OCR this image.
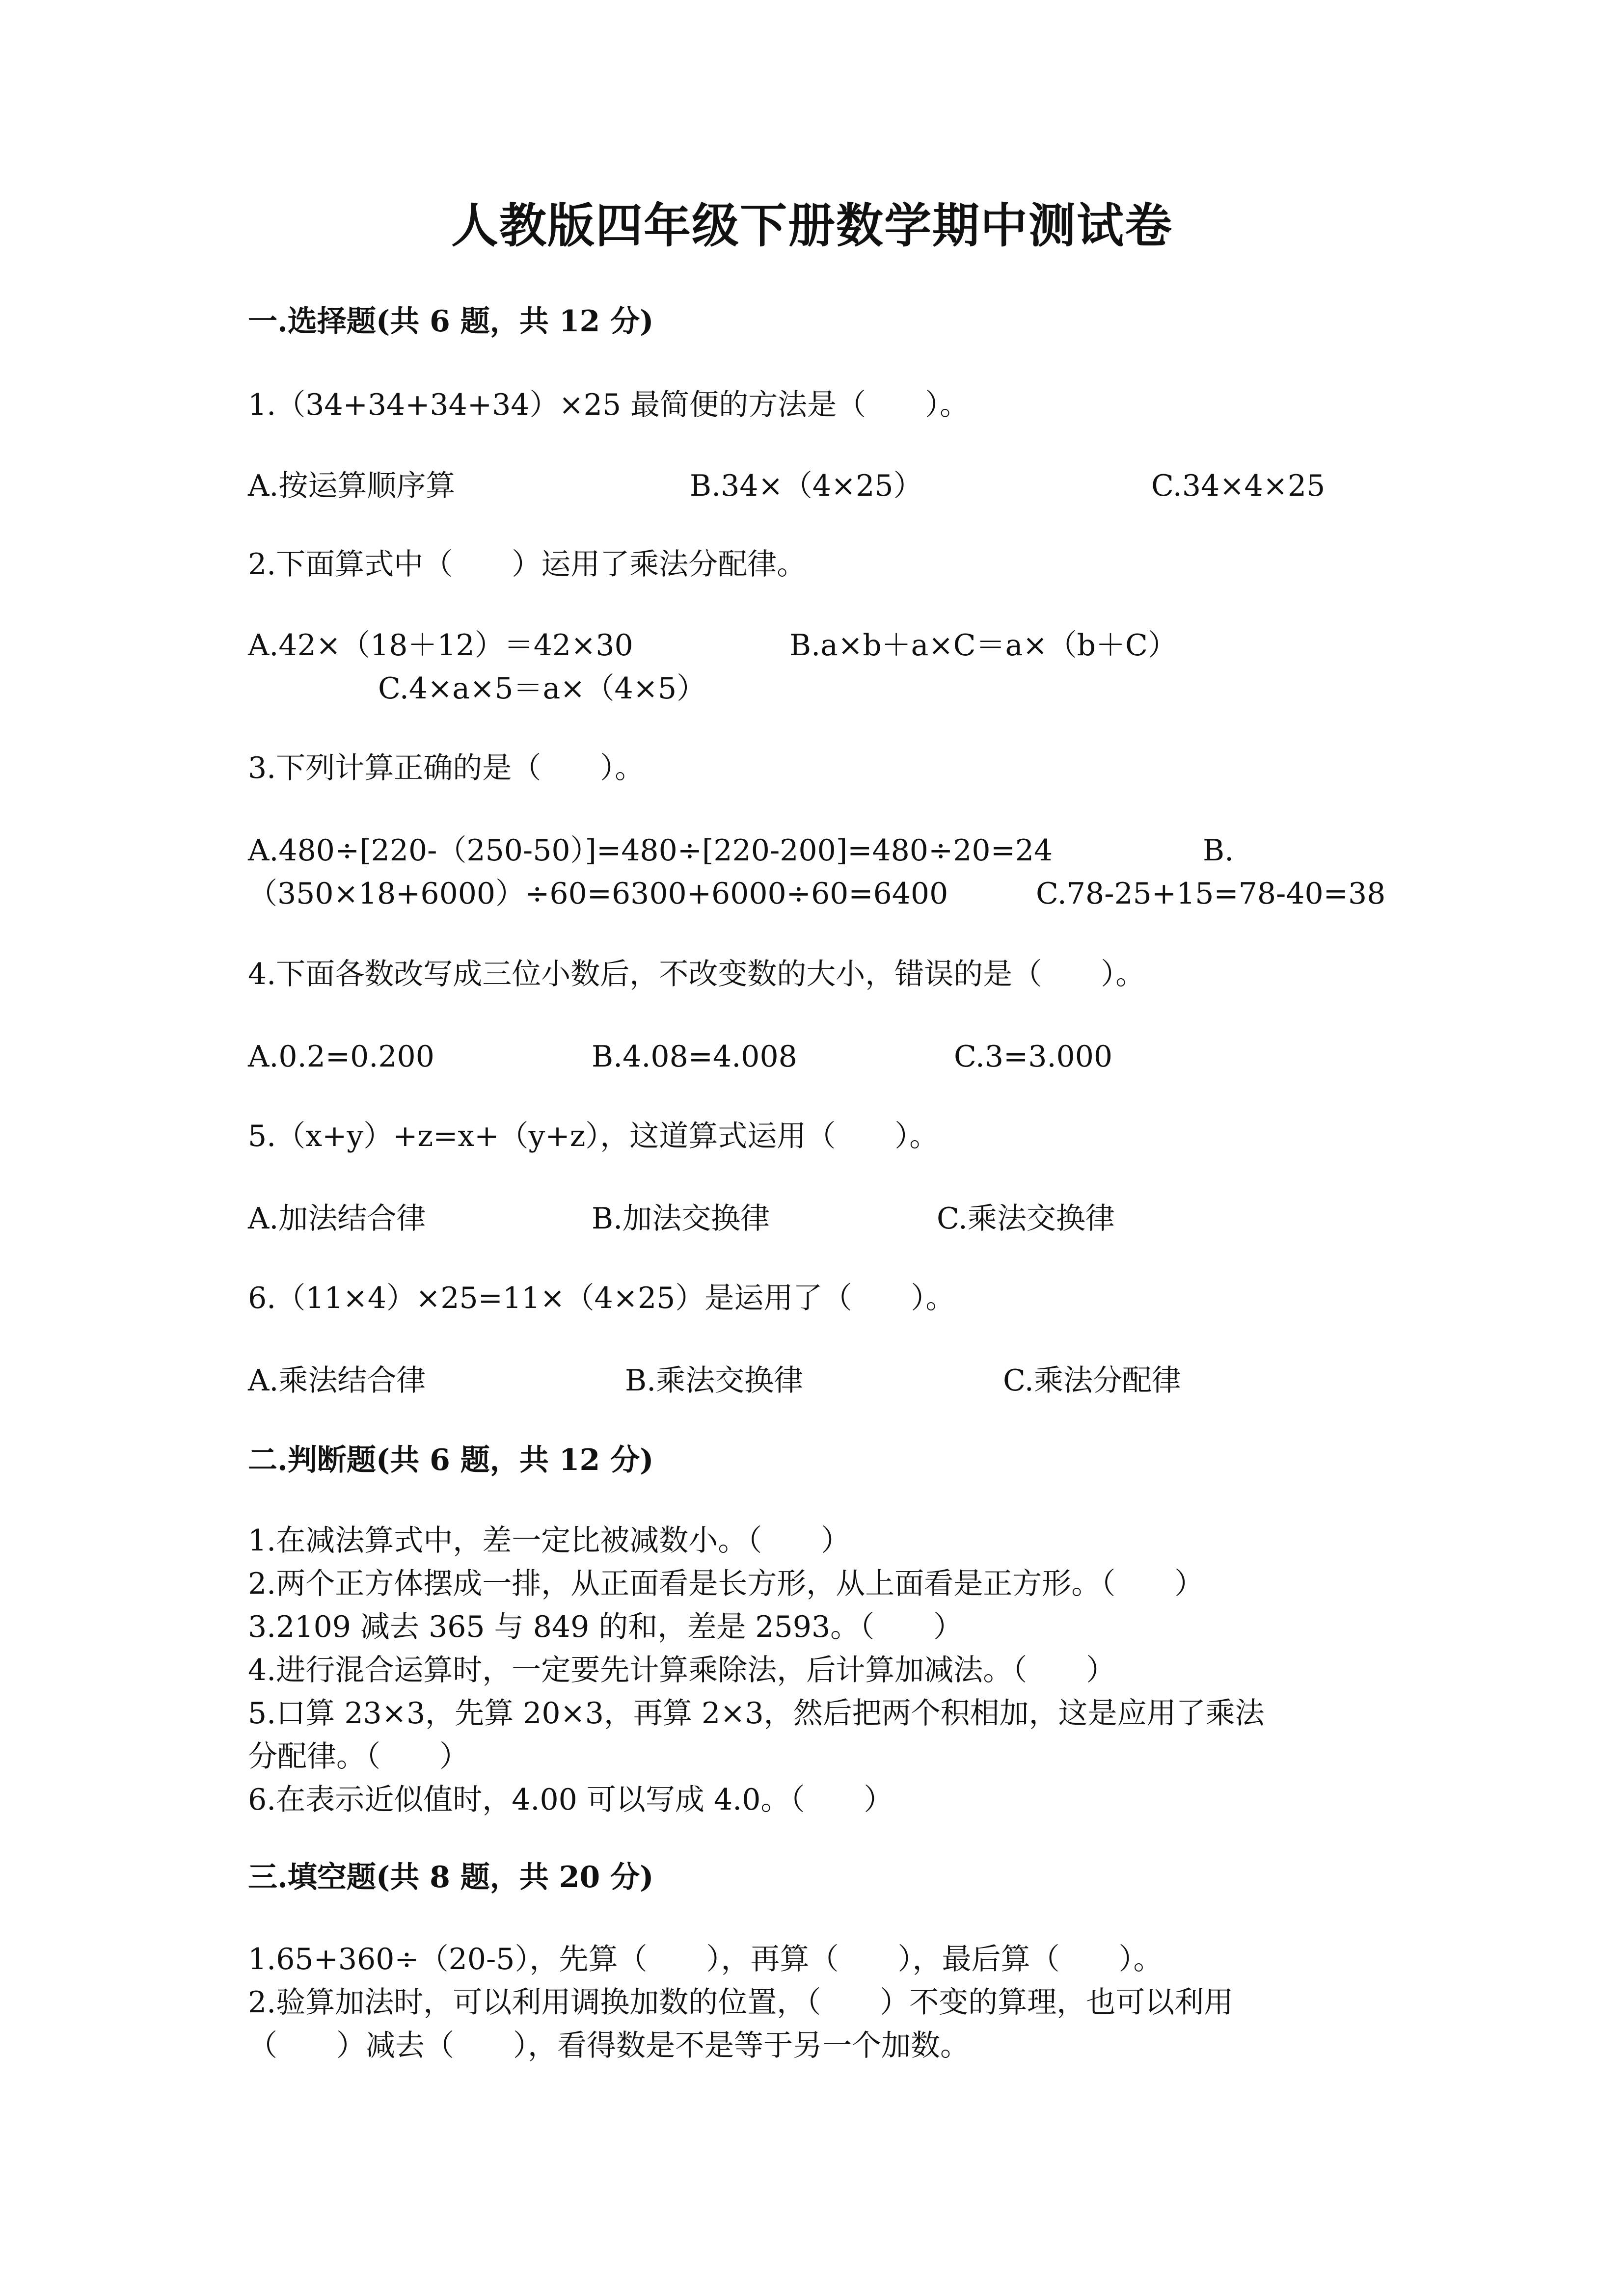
人教版四年级下册数学期中测试卷
一.选择题(共 6 题，共 12 分)
1.（34+34+34+34）×25 最简便的方法是（　　）。
A.按运算顺序算	B.34×（4×25）	C.34×4×25
2.下面算式中（　　）运用了乘法分配律。
A.42×（18＋12）＝42×30	B.a×b＋a×C＝a×（b＋C）
C.4×a×5＝a×（4×5）
3.下列计算正确的是（　　）。
A.480÷[220-（250-50）]=480÷[220-200]=480÷20=24	B.
（350×18+6000）÷60=6300+6000÷60=6400	C.78-25+15=78-40=38
4.下面各数改写成三位小数后，不改变数的大小，错误的是（　　）。
A.0.2=0.200	B.4.08=4.008	C.3=3.000
5.（x+y）+z=x+（y+z），这道算式运用（　　）。
A.加法结合律	B.加法交换律	C.乘法交换律
6.（11×4）×25=11×（4×25）是运用了（　　）。
A.乘法结合律	B.乘法交换律	C.乘法分配律
二.判断题(共 6 题，共 12 分)
1.在减法算式中，差一定比被减数小。（　　）
2.两个正方体摆成一排，从正面看是长方形，从上面看是正方形。（　　）
3.2109 减去 365 与 849 的和，差是 2593。（　　）
4.进行混合运算时，一定要先计算乘除法，后计算加减法。（　　）
5.口算 23×3，先算 20×3，再算 2×3，然后把两个积相加，这是应用了乘法
分配律。（　　）
6.在表示近似值时，4.00 可以写成 4.0。（　　）
三.填空题(共 8 题，共 20 分)
1.65+360÷（20-5），先算（　　），再算（　　），最后算（　　）。
2.验算加法时，可以利用调换加数的位置，（　　）不变的算理，也可以利用
（　　）减去（　　），看得数是不是等于另一个加数。
